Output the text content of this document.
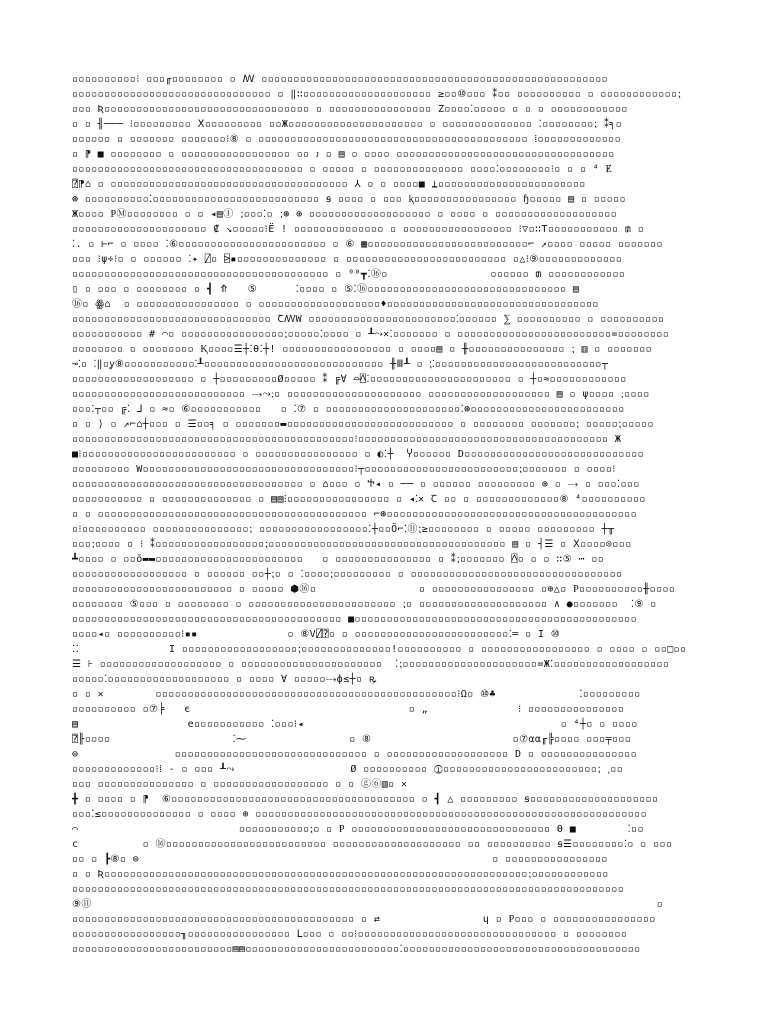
▫▫▫▫▫▫▫▫▫▫⁝ ▫▫▫╓▫▫▫▫▫▫▫▫ ▫ ꟿ ▫▫▫▫▫▫▫▫▫▫▫▫▫▫▫▫▫▫▫▫▫▫▫▫▫▫▫▫▫▫▫▫▫▫▫▫▫▫▫▫▫▫▫▫▫▫▫▫▫▫▫▫▫▫
▫▫▫▫▫▫▫▫▫▫▫▫▫▫▫▫▫▫▫▫▫▫▫▫▫▫▫▫▫▫▫ ▫ ‖∷▫▫▫▫▫▫▫▫▫▫▫▫▫▫▫▫▫▫▫▫ ≥▫▫⑩▫▫▫ ⁑▫▫ ▫▫▫▫▫▫▫▫▫▫ ▫ ▫▫▫▫▫▫▫▫▫▫▫▫⁏
▫▫▫ Ʀ▫▫▫▫▫▫▫▫▫▫▫▫▫▫▫▫▫▫▫▫▫▫▫▫▫▫▫▫▫▫▫▫ ▫ ▫▫▫▫▫▫▫▫▫▫▫▫▫▫▫▫ Z▫▫▫▫⁚▫▫▫▫▫ ▫ ▫ ▫ ▫▫▫▫▫▫▫▫▫▫▫▫
▫ ▫ ╢─── ⁝▫▫▫▫▫▫▫▫▫ Ⅹ▫▫▫▫▫▫▫▫▫ ▫▫Ж▫▫▫▫▫▫▫▫▫▫▫▫▫▫▫▫▫▫▫▫▫ ▫ ▫▫▫▫▫▫▫▫▫▫▫▫▫▫ ⁚▫▫▫▫▫▫▫▫⁏ ⁑╕▫
▫▫▫▫▫▫ ▫ ▫▫▫▫▫▫▫ ▫▫▫▫▫▫▫⁝⑧ ▫ ▫▫▫▫▫▫▫▫▫▫▫▫▫▫▫▫▫▫▫▫▫▫▫▫▫▫▫▫▫▫▫▫▫▫▫▫▫▫▫▫▫▫ ⁞▫▫▫▫▫▫▫▫▫▫▫▫▫
▫ ⁋ ■ ▫▫▫▫▫▫▫▫ ▫ ▫▫▫▫▫▫▫▫▫▫▫▫▫▫▫▫▫ ▫▫ ᴊ ▫ ▤ ▫ ▫▫▫▫ ▫▫▫▫▫▫▫▫▫▫▫▫▫▫▫▫▫▫▫▫▫▫▫▫▫▫▫▫▫▫▫▫▫▫
▫▫▫▫▫▫▫▫▫▫▫▫▫▫▫▫▫▫▫▫▫▫▫▫▫▫▫▫▫▫▫▫▫▫▫▫ ▫ ▫▫▫▫▫ ▫ ▫▫▫▫▫▫▫▫▫▫▫▫▫▫ ▫▫▫▫⁚▫▫▫▫▫▫▫▫⁝▫ ▫ ▫ ⁴ Ɇ
⍰⁋⌂ ▫ ▫▫▫▫▫▫▫▫▫▫▫▫▫▫▫▫▫▫▫▫▫▫▫▫▫▫▫▫▫▫▫▫▫▫▫▫▫ ⅄ ▫ ▫ ▫▫▫▫■ ⍊▫▫▫▫▫▫▫▫▫▫▫▫▫▫▫▫▫▫▫▫▫▫▫
⊛ ▫▫▫▫▫▫▫▫▫▫⁚▫▫▫▫▫▫▫▫▫▫▫▫▫▫▫▫▫▫▫▫▫▫▫▫▫▫ ꞩ ▫▫▫▫ ▫ ▫▫▫ ⱪ▫▫▫▫▫▫▫▫▫▫▫▫▫▫▫▫ ɧ▫▫▫▫▫ ▤ ▫ ▫▫▫▫▫
Ж▫▫▫▫ ⱣⓂ▫▫▫▫▫▫▫▫ ▫ ▫ ◂▤① ⁏▫▫▫⁚▫ ⁏⊛ ⊕ ▫▫▫▫▫▫▫▫▫▫▫▫▫▫▫▫▫▫▫ ▫ ▫▫▫▫ ▫ ▫▫▫▫▫▫▫▫▫▫▫▫▫▫▫▫▫▫▫
▫▫▫▫▫▫▫▫▫▫▫▫▫▫▫▫▫▫▫▫▫ ₡ ↘▫▫▫▫▫⁝Ё ! ▫▫▫▫▫▫▫▫▫▫▫▫▫▫ ▫ ▫▫▫▫▫▫▫▫▫▫▫▫▫▫▫▫▫ ⁝▽▫∷T▫▫▫▫▫▫▫▫▫▫▫ ₥ ▫
⁚. ▫ ⊢⌐ ▫ ▫▫▫▫ ⁚⑥▫▫▫▫▫▫▫▫▫▫▫▫▫▫▫▫▫▫▫▫▫▫▫ ▫ ⑥ ▦▫▫▫▫▫▫▫▫▫▫▫▫▫▫▫▫▫▫▫▫▫▫▫▫▫⌐ ↗▫▫▫▫ ▫▫▫▫▫ ▫▫▫▫▫▫▫
▫▫▫ ⁝ψ÷⁝▫ ▫ ▫▫▫▫▫▫ ⁚✦ ⍁▫ ⍄▪▫▫▫▫▫▫▫▫▫▫▫▫▫▫ ▫ ▫▫▫▫▫▫▫▫▫▫▫▫▫▫▫▫▫▫▫▫▫▫▫▫▫ ▫△⁝⑨▫▫▫▫▫▫▫▫▫▫▫▫▫
▫▫▫▫▫▫▫▫▫▫▫▫▫▫▫▫▫▫▫▫▫▫▫▫▫▫▫▫▫▫▫▫▫▫▫▫▫▫▫▫ ▫ ⁰⁰┳⁚⑯▫                ▫▫▫▫▫▫ ₥ ▫▫▫▫▫▫▫▫▫▫▫▫
▯ ▫ ▫▫▫ ▫ ▫▫▫▫▫▫▫▫ ▫ ┫ ⤊   ⑤      ⁚▫▫▫▫ ▫ ⑤⁚⑯▫▫▫▫▫▫▫▫▫▫▫▫▫▫▫▫▫▫▫▫▫▫▫▫▫▫▫▫▫▫▫ ▤
⑯▫ ꙮ⌂  ▫ ▫▫▫▫▫▫▫▫▫▫▫▫▫▫▫▫ ▫ ▫▫▫▫▫▫▫▫▫▫▫▫▫▫▫▫▫▫▫♦▫▫▫▫▫▫▫▫▫▫▫▫▫▫▫▫▫▫▫▫▫▫▫▫▫▫▫▫▫▫▫▫▫
▫▫▫▫▫▫▫▫▫▫▫▫▫▫▫▫▫▫▫▫▫▫▫▫▫▫▫▫▫▫▫ ꞆꟿW ▫▫▫▫▫▫▫▫▫▫▫▫▫▫▫▫▫▫▫▫▫▫▫⁚▫▫▫▫▫▫ ⅀ ▫▫▫▫▫▫▫▫▫▫ ▫ ▫▫▫▫▫▫▫▫▫▫
▫▫▫▫▫▫▫▫▫▫▫ # ⌒▫ ▫▫▫▫▫▫▫▫▫▫▫▫▫▫▫▫⁏▫▫▫▫▫⁚▫▫▫▫ ▫ ┸⤳✕⁚▫▫▫▫▫▫▫ ▫ ▫▫▫▫▫▫▫▫▫▫▫▫▫▫▫▫▫▫▫▫▫▫▫▫=▫▫▫▫▫▫▫▫
▫▫▫▫▫▫▫▫ ▫ ▫▫▫▫▫▫▫▫ Ⱪ▫▫▫▫☰┼⁚θ⁚┼! ▫▫▫▫▫▫▫▫▫▫▫▫▫▫▫▫▫ ▫ ▫▫▫▫▤ ▫ ╫▫▫▫▫▫▫▫▫▫▫▫▫▫▫▫ ⁏ ▥ ▫ ▫▫▫▫▫▫▫
⊸⁚▫ ⁚‖▫ỿ⑧▫▫▫▫▫▫▫▫▫▫▫⁚┸▫▫▫▫▫▫▫▫▫▫▫▫▫▫▫▫▫▫▫▫▫▫▫▫▫▫▫▫ ╫Ⅲ┸ ▫ ⁏⁚▫▫▫▫▫▫▫▫▫▫▫▫▫▫▫▫▫▫▫▫▫▫▫▫▫▫┬
▫▫▫▫▫▫▫▫▫▫▫▫▫▫▫▫▫▫▫ ▫ ┼▫▫▫▫▫▫▫▫▫Ø▫▫▫▫▫ ⁑ ╔∀ ⌓⍓⁚▫▫▫▫▫▫▫▫▫▫▫▫▫▫▫▫▫▫▫▫▫▫ ▫ ┼▫≈▫▫▫▫▫▫▫▫▫▫▫▫
▫▫▫▫▫▫▫▫▫▫▫▫▫▫▫▫▫▫▫▫▫▫▫▫▫▫▫ ⤏⤳⁏▫ ▫▫▫▫▫▫▫▫▫▫▫▫▫▫▫▫▫▫▫▫▫ ▫▫▫▫▫▫▫▫▫▫▫▫▫▫▫▫▫▫▫ ▤ ▫ ψ▫▫▫▫ ⁏▫▫▫▫
▫▫▫⁚┬▫▫ ╔⁚ ⅃ ▫ ≈▫ ⑥▫▫▫▫▫▫▫▫▫▫▫   ▫ ⁚⑦ ▫ ▫▫▫▫▫▫▫▫▫▫▫▫▫▫▫▫▫▫▫▫▫⁚⊛▫▫▫▫▫▫▫▫▫▫▫▫▫▫▫▫▫▫▫▫▫▫▫▫
▫ ▫ ⟩ ▫ ↗⌐⌂┼▫▫▫ ▫ ☰▫▫╕ ▫ ▫▫▫▫▫▫▫▬▫▫▫▫▫▫▫▫▫▫▫▫▫▫▫▫▫▫▫▫▫▫▫▫▫▫ ▫ ▫▫▫▫▫▫▫▫ ▫▫▫▫▫▫▫⁏ ▫▫▫▫▫⁏▫▫▫▫▫
▫▫▫▫▫▫▫▫▫▫▫▫▫▫▫▫▫▫▫▫▫▫▫▫▫▫▫▫▫▫▫▫▫▫▫▫▫▫▫▫▫▫▫▫⁝▫▫▫▫▫▫▫▫▫▫▫▫▫▫▫▫▫▫▫▫▫▫▫▫▫▫▫▫▫▫▫▫▫▫▫▫▫▫▫ Ж
■⁝▫▫▫▫▫▫▫▫▫▫▫▫▫▫▫▫▫▫▫▫▫▫▫▫ ▫ ▫▫▫▫▫▫▫▫▫▫▫▫▫▫▫▫ ▫ ◐⁚┼  Ⴤ▫▫▫▫▫▫ D▫▫▫▫▫▫▫▫▫▫▫▫▫▫▫▫▫▫▫▫▫▫▫▫▫▫▫▫
▫▫▫▫▫▫▫▫▫ W▫▫▫▫▫▫▫▫▫▫▫▫▫▫▫▫▫▫▫▫▫▫▫▫▫▫▫▫▫▫▫▫▫⁝┬▫▫▫▫▫▫▫▫▫▫▫▫▫▫▫▫▫▫▫▫▫▫▫▫⁏▫▫▫▫▫▫▫ ▫ ▫▫▫▫⁝
▫▫▫▫▫▫▫▫▫▫▫▫▫▫▫▫▫▫▫▫▫▫▫▫▫▫▫▫▫▫▫▫▫▫▫▫ ▫ ⌂▫▫▫ ▫ Ⴕ◂ ▫ ── ▫ ▫▫▫▫▫▫ ▫▫▫▫▫▫▫▫▫ ⊕ ▫ ⤏ ▫ ▫▫▫⁚▫▫▫
▫▫▫▫▫▫▫▫▫▫▫ ▫ ▫▫▫▫▫▫▫▫▫▫▫▫▫▫ ▫ ▤▤⁝▫▫▫▫▫▫▫▫▫▫▫▫▫▫▫▫ ▫ ◂⁚✕ Ꞇ ▫▫ ▫ ▫▫▫▫▫▫▫▫▫▫▫▫▫⑧ ⁴▫▫▫▫▫▫▫▫▫▫
▫ ▫ ▫▫▫▫▫▫▫▫▫▫▫▫▫▫▫▫▫▫▫▫▫▫▫▫▫▫▫▫▫▫▫▫▫▫▫▫▫▫▫▫▫▫ ⌐⊛▫▫▫▫▫▫▫▫▫▫▫▫▫▫▫▫▫▫▫▫▫▫▫▫▫▫▫▫▫▫▫▫▫▫▫▫▫▫▫
▫⁝▫▫▫▫▫▫▫▫▫▫ ▫▫▫▫▫▫▫▫▫▫▫▫▫▫▫⁏ ▫▫▫▫▫▫▫▫▫▫▫▫▫▫▫▫▫⁚┼▫▫Ö⌐⁚⑪⁏≥▫▫▫▫▫▫▫▫ ▫ ▫▫▫▫▫ ▫▫▫▫▫▫▫▫▫ ┼╥
▫▫▫⁏▫▫▫▫ ▫ ⁝ ⁑▫▫▫▫▫▫▫▫▫▫▫▫▫▫▫▫▫⁏▫▫▫▫▫▫▫▫▫▫▫▫▫▫▫▫▫▫▫▫▫▫▫▫▫▫▫▫▫▫▫▫▫▫▫▫▫ ▤ ▫ ┤☰ ▫ Ⅹ▫▫▫▫⊙▫▫▫
┻▫▫▫▫ ▫ ▫▫ō▬▬▫▫▫▫▫▫▫▫▫▫▫▫▫▫▫▫▫▫▫▫▫▫▫   ▫ ▫▫▫▫▫▫▫▫▫▫▫▫▫▫▫ ▫ ⁑⁏▫▫▫▫▫▫▫ ⍓▫ ▫ ▫ ∷⑤ ⋯ ▫▫
▫▫▫▫▫▫▫▫▫▫▫▫▫▫▫▫▫▫ ▫ ▫▫▫▫▫▫ ▫▫┼⁏▫ ▫ ⁚▫▫▫▫⁏▫▫▫▫▫▫▫▫▫ ▫ ▫▫▫▫▫▫▫▫▫▫▫▫▫▫▫▫▫▫▫▫▫▫▫▫▫▫▫▫▫▫▫▫▫
▫▫▫▫▫▫▫▫▫▫▫▫▫▫▫▫▫▫▫▫▫▫▫▫▫ ▫ ▫▫▫▫▫ ⬢⑯▫                ▫ ▫▫▫▫▫▫▫▫▫▫▫▫▫▫▫▫ ▫⊕△▫ Ᵽ▫▫▫▫▫▫▫▫▫▫╫▫▫▫▫
▫▫▫▫▫▫▫▫ ⑤▫▫▫ ▫ ▫▫▫▫▫▫▫▫ ▫ ▫▫▫▫▫▫▫▫▫▫▫▫▫▫▫▫▫▫▫▫▫▫▫ ⁏▫ ▫▫▫▫▫▫▫▫▫▫▫▫▫▫▫▫▫▫▫▫ ∧ ●▫▫▫▫▫▫▫  ⁚⑨ ▫
▫▫▫▫▫▫▫▫▫▫▫▫▫▫▫▫▫▫▫▫▫▫▫▫▫▫▫▫▫▫▫▫▫▫▫▫▫▫▫▫▫▫ ■▫▫▫▫▫▫▫▫▫▫▫▫▫▫▫▫▫▫▫▫▫▫▫▫▫▫▫▫▫▫▫▫▫▫▫▫▫▫▫▫▫▫▫▫
▫▫▫▫◂▫ ▫▫▫▫▫▫▫▫▫▫⁝▪▪              ▫ ⑧V⍁⍰▫ ▫ ▫▫▫▫▫▫▫▫▫▫▫▫▫▫▫▫▫▫▫▫▫▫▫▫⁚═ ▫ I ⑩
⁚⁚              I ▫▫▫▫▫▫▫▫▫▫▫▫▫▫▫▫▫▫⁏▫▫▫▫▫▫▫▫▫▫▫▫▫▫!▫▫▫▫▫▫▫▫▫▫ ▫ ▫▫▫▫▫▫▫▫▫▫▫▫▫▫▫▫▫ ▫ ▫▫▫▫ ▫ ▫▫□▫▫
☰ ⊦ ▫▫▫▫▫▫▫▫▫▫▫▫▫▫▫▫▫▫▫ ▫ ▫▫▫▫▫▫▫▫▫▫▫▫▫▫▫▫▫▫▫▫▫▫  ⁚⁏▫▫▫▫▫▫▫▫▫▫▫▫▫▫▫▫▫▫▫▫▫=Ж⁚▫▫▫▫▫▫▫▫▫▫▫▫▫▫▫▫▫▫
▫▫▫▫▫⁚▫▫▫▫▫▫▫▫▫▫▫▫▫▫▫▫▫▫▫ ▫ ▫▫▫▫ ∀ ▫▫▫▫▫⤏ф≲┼▫ ꝶ
▫ ▫ ✕        ▫▫▫▫▫▫▫▫▫▫▫▫▫▫▫▫▫▫▫▫▫▫▫▫▫▫▫▫▫▫▫▫▫▫▫▫▫▫▫▫▫▫▫▫▫▫▫⁝Ω▫ ⑩♣             ⁚▫▫▫▫▫▫▫▫▫
▫▫▫▫▫▫▫▫▫▫ ▫⑦╞   є                                  ▫ „              ⁝ ▫▫▫▫▫▫▫▫▫▫▫▫▫▫▫
▤                 e▫▫▫▫▫▫▫▫▫▫▫ ⁚▫▫▫⁝◂                                        ▫ ⁴┼▫ ▫ ▫▫▫▫
⍰╟▫▫▫▫                   ⁚⁓                ▫ ⑧                      ▫⑦αα╓╠▫▫▫▫ ▫▫▫╤▫▫▫
⊜               ▫▫▫▫▫▫▫▫▫▫▫▫▫▫▫▫▫▫▫▫▫▫▫▫▫▫▫▫▫▫ ▫ ▫▫▫▫▫▫▫▫▫▫▫▫▫▫▫▫▫▫▫ D ▫ ▫▫▫▫▫▫▫▫▫▫▫▫▫▫▫
▫▫▫▫▫▫▫▫▫▫▫▫▫⁝⁞ - ▫ ▫▫▫ ┸⤳                  Ø ▫▫▫▫▫▫▫▫▫▫ ⓵▫▫▫▫▫▫▫▫▫▫▫▫▫▫▫▫▫▫▫▫▫▫▫▫⁏ ⸲▫▫
▫▫▫ ▫▫▫▫▫▫▫▫▫▫▫▫▫▫▫ ▫ ▫▫▫▫▫▫▫▫▫▫▫▫▫▫▫▫▫▫ ▫ ▫ ⓖ⑥▥▫ ✕
╋ ▫ ▫▫▫▫ ▫ ⁋  ⑥▫▫▫▫▫▫▫▫▫▫▫▫▫▫▫▫▫▫▫▫▫▫▫▫▫▫▫▫▫▫▫▫▫▫▫▫▫▫ ▫ ┫ △ ▫▫▫▫▫▫▫▫▫ ꞩ▫▫▫▫▫▫▫▫▫▫▫▫▫▫▫▫▫▫▫▫
▫▫▫⁚≤▫▫▫▫▫▫▫▫▫▫▫▫▫▫ ▫ ▫▫▫▫ ⊕ ▫▫▫▫▫▫▫▫▫▫▫▫▫▫▫▫▫▫▫▫▫▫▫▫▫▫▫▫▫▫▫▫▫▫▫▫▫▫▫▫▫▫▫▫▫▫▫▫▫▫▫▫▫▫▫▫▫▫▫▫▫
⌒                         ▫▫▫▫▫▫▫▫▫▫▫⁏▫ ▫ Ᵽ ▫▫▫▫▫▫▫▫▫▫▫▫▫▫▫▫▫▫▫▫▫▫▫▫▫▫▫▫▫▫▫ ϴ ■        ⁚▫▫
ϲ          ▫ ⑯▫▫▫▫▫▫▫▫▫▫▫▫▫▫▫▫▫▫▫▫▫▫▫▫▫ ▫▫▫▫▫▫▫▫▫▫▫▫▫▫▫▫▫▫▫▫ ▫▫ ▫▫▫▫▫▫▫▫▫▫ ꞩ☰▫▫▫▫▫▫▫▫⁚▫ ▫ ▫▫▫
▫▫ ▫ ┣⑧▫ ⊜                                                       ▫ ▫▫▫▫▫▫▫▫▫▫▫▫▫▫▫▫
▫ ▫ Ʀ▫▫▫▫▫▫▫▫▫▫▫▫▫▫▫▫▫▫▫▫▫▫▫▫▫▫▫▫▫▫▫▫▫▫▫▫▫▫▫▫▫▫▫▫▫▫▫▫▫▫▫▫▫▫▫▫▫▫▫▫▫▫▫▫▫▫⁏▫▫▫▫▫▫▫▫▫▫▫▫
▫▫▫▫▫▫▫▫▫▫▫▫▫▫▫▫▫▫▫▫▫▫▫▫▫▫▫▫▫▫▫▫▫▫▫▫▫▫▫▫▫▫▫▫▫▫▫▫▫▫▫▫▫▫▫▫▫▫▫▫▫▫▫▫▫▫▫▫▫▫▫▫▫▫▫▫▫▫▫▫▫▫▫▫▫▫
⑨⑪                                                                                        ▫
▫▫▫▫▫▫▫▫▫▫▫▫▫▫▫▫▫▫▫▫▫▫▫▫▫▫▫▫▫▫▫▫▫▫▫▫▫▫▫▫▫▫▫▫ ▫ ⇄                ɥ ▫ Ᵽ▫▫▫ ▫ ▫▫▫▫▫▫▫▫▫▫▫▫▫▫▫▫
▫▫▫▫▫▫▫▫▫▫▫▫▫▫▫▫▫╖▫▫▫▫▫▫▫▫▫▫▫▫▫▫▫▫ ᒪ▫▫▫ ▫ ▫▫⁝▫▫▫▫▫▫▫▫▫▫▫▫▫▫▫▫▫▫▫▫▫▫▫▫▫▫▫▫▫▫▫ ▫ ▫▫▫▫▫▫▫▫
▫▫▫▫▫▫▫▫▫▫▫▫▫▫▫▫▫▫▫▫▫▫▫▫▫▤▤▫▫▫▫▫▫▫▫▫▫▫▫▫▫▫▫▫▫▫▫▫▫▫▫⁚▫▫▫▫▫▫▫▫▫▫▫▫▫▫▫▫▫▫▫▫▫▫▫▫▫▫▫▫▫▫▫▫▫▫▫▫▫
